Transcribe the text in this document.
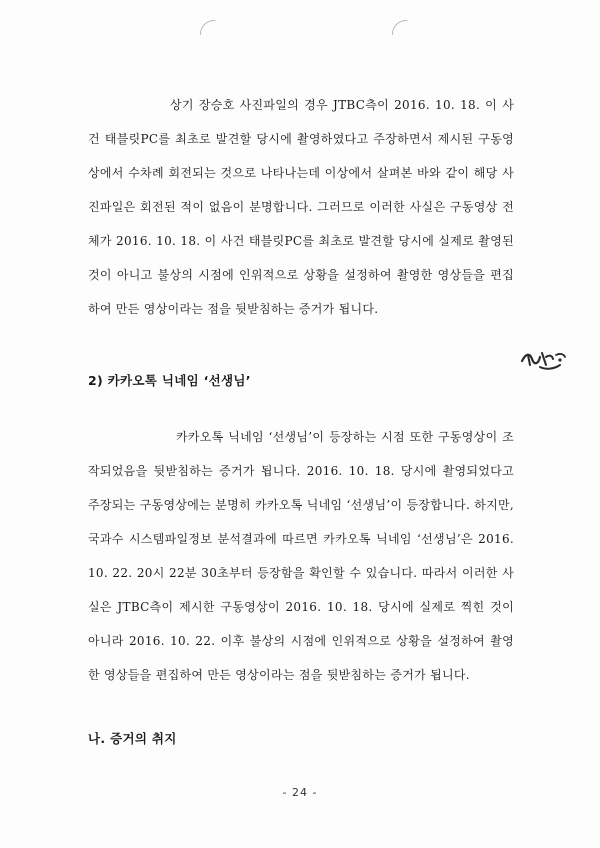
상기 장승호 사진파일의 경우 JTBC측이 2016. 10. 18. 이 사건 태블릿PC를 최초로 발견할 당시에 촬영하였다고 주장하면서 제시된 구동영상에서 수차례 회전되는 것으로 나타나는데 이상에서 살펴본 바와 같이 해당 사진파일은 회전된 적이 없음이 분명합니다. 그러므로 이러한 사실은 구동영상 전체가 2016. 10. 18. 이 사건 태블릿PC를 최초로 발견할 당시에 실제로 촬영된 것이 아니고 불상의 시점에 인위적으로 상황을 설정하여 촬영한 영상들을 편집하여 만든 영상이라는 점을 뒷받침하는 증거가 됩니다.

2) 카카오톡 닉네임 ‘선생님’

카카오톡 닉네임 ‘선생님’이 등장하는 시점 또한 구동영상이 조작되었음을 뒷받침하는 증거가 됩니다. 2016. 10. 18. 당시에 촬영되었다고 주장되는 구동영상에는 분명히 카카오톡 닉네임 ‘선생님’이 등장합니다. 하지만, 국과수 시스템파일정보 분석결과에 따르면 카카오톡 닉네임 ‘선생님’은 2016. 10. 22. 20시 22분 30초부터 등장함을 확인할 수 있습니다. 따라서 이러한 사실은 JTBC측이 제시한 구동영상이 2016. 10. 18. 당시에 실제로 찍힌 것이 아니라 2016. 10. 22. 이후 불상의 시점에 인위적으로 상황을 설정하여 촬영한 영상들을 편집하여 만든 영상이라는 점을 뒷받침하는 증거가 됩니다.

나. 증거의 취지
- 24 -
